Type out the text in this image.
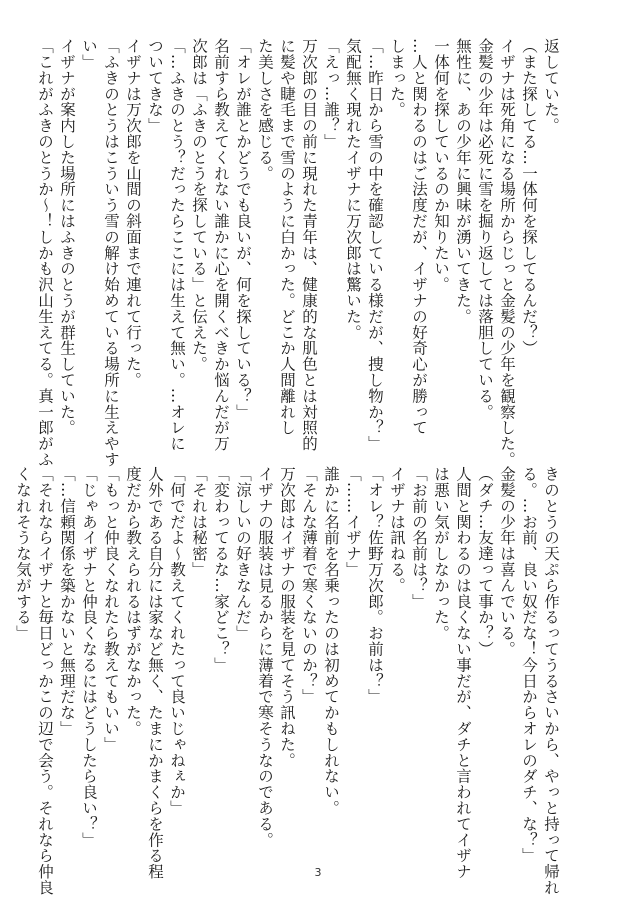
返していた。

（また探してる…一体何を探してるんだ？）

イザナは死角になる場所からじっと金髪の少年を観察した。

金髪の少年は必死に雪を掘り返しては落胆している。

無性に、あの少年に興味が湧いてきた。

一体何を探しているのか知りたい。

…人と関わるのはご法度だが、イザナの好奇心が勝って

しまった。

「…昨日から雪の中を確認している様だが、捜し物か？」

気配無く現れたイザナに万次郎は驚いた。

「えっ…誰？」

万次郎の目の前に現れた青年は、健康的な肌色とは対照的

に髪や睫毛まで雪のように白かった。どこか人間離れし

た美しさを感じる。

「オレが誰とかどうでも良いが、何を探している？」

名前すら教えてくれない誰かに心を開くべきか悩んだが万

次郎は「ふきのとうを探している」と伝えた。

「…ふきのとう？だったらここには生えて無い。…オレに

ついてきな」

イザナは万次郎を山間の斜面まで連れて行った。

「ふきのとうはこういう雪の解け始めている場所に生えやす

い」

イザナが案内した場所にはふきのとうが群生していた。

「これがふきのとうか〜！しかも沢山生えてる。真一郎がふ

きのとうの天ぷら作るってうるさいから、やっと持って帰れ

る。…お前、良い奴だな！今日からオレのダチ、な？」

金髪の少年は喜んでいる。

（ダチ…友達って事か？）

人間と関わるのは良くない事だが、ダチと言われてイザナ

は悪い気がしなかった。

「お前の名前は？」

イザナは訊ねる。

「オレ？佐野万次郎。お前は？」

「……イザナ」

誰かに名前を名乗ったのは初めてかもしれない。

「そんな薄着で寒くないのか？」

万次郎はイザナの服装を見てそう訊ねた。

イザナの服装は見るからに薄着で寒そうなのである。

「涼しいの好きなんだ」

「変わってるな…家どこ？」

「それは秘密」

「何でだよ〜教えてくれたって良いじゃねぇか」

人外である自分には家など無く、たまにかまくらを作る程

度だから教えられるはずがなかった。

「もっと仲良くなれたら教えてもいい」

「じゃあイザナと仲良くなるにはどうしたら良い？」

「…信頼関係を築かないと無理だな」

「それならイザナと毎日どっかこの辺で会う。それなら仲良

くなれそうな気がする」

3
